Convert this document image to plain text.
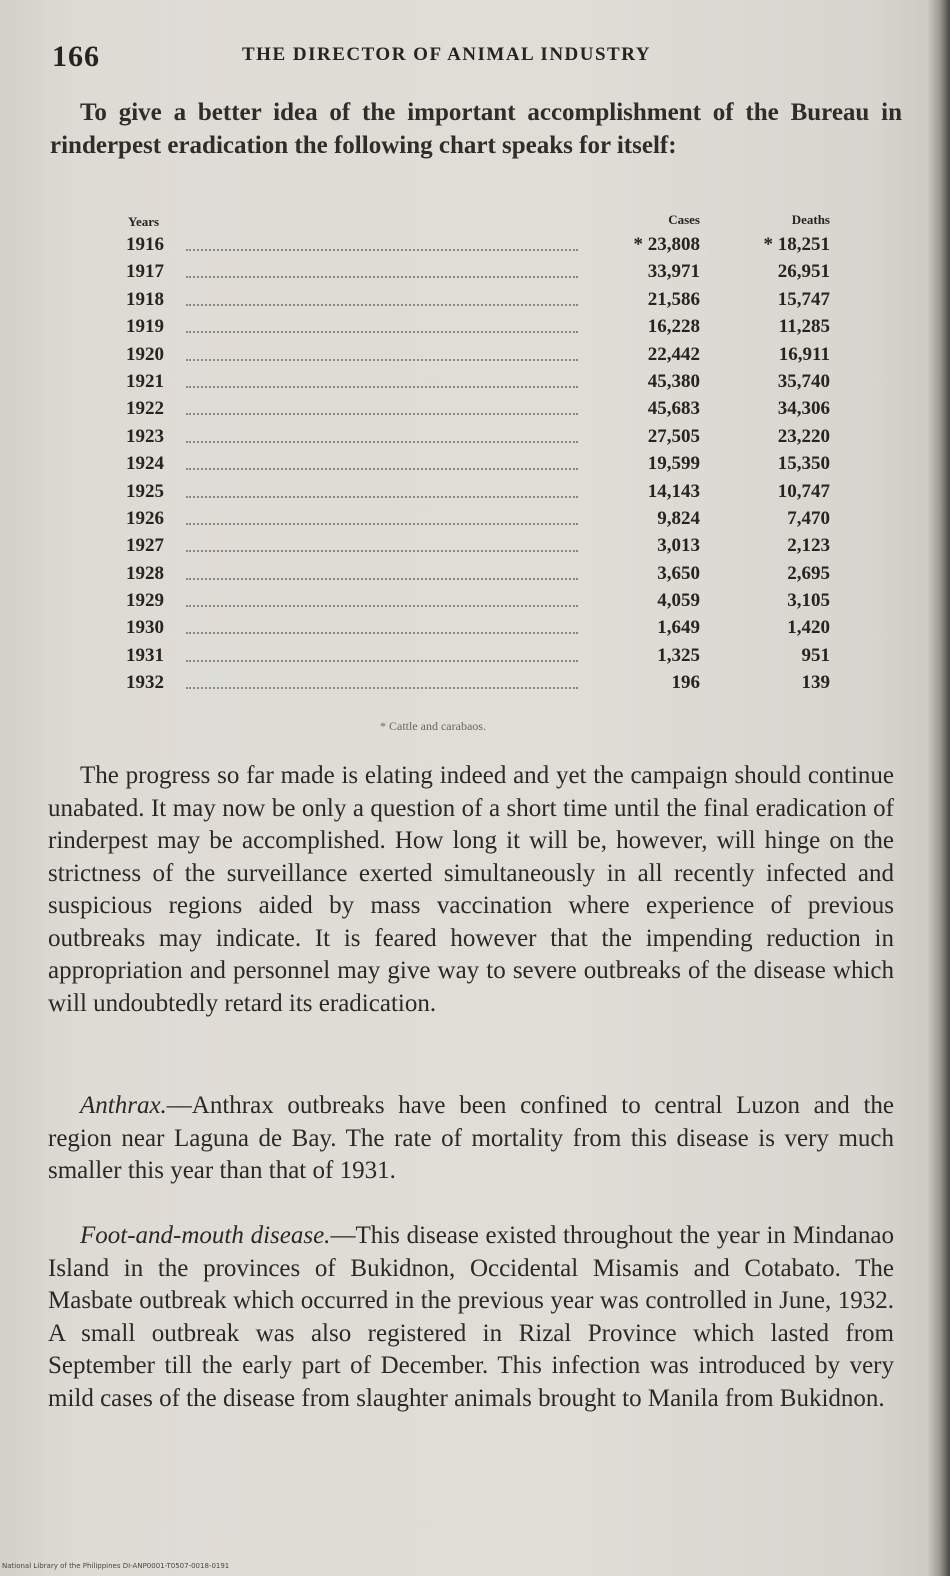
166	THE DIRECTOR OF ANIMAL INDUSTRY

To give a better idea of the important accomplishment of the Bureau in rinderpest eradication the following chart speaks for itself:

Years	Cases	Deaths
1916	* 23,808	* 18,251
1917	33,971	26,951
1918	21,586	15,747
1919	16,228	11,285
1920	22,442	16,911
1921	45,380	35,740
1922	45,683	34,306
1923	27,505	23,220
1924	19,599	15,350
1925	14,143	10,747
1926	9,824	7,470
1927	3,013	2,123
1928	3,650	2,695
1929	4,059	3,105
1930	1,649	1,420
1931	1,325	951
1932	196	139
* Cattle and carabaos.

The progress so far made is elating indeed and yet the campaign should continue unabated. It may now be only a question of a short time until the final eradication of rinderpest may be accomplished. How long it will be, however, will hinge on the strictness of the surveillance exerted simultaneously in all recently infected and suspicious regions aided by mass vaccination where experience of previous outbreaks may indicate. It is feared however that the impending reduction in appropriation and personnel may give way to severe outbreaks of the disease which will undoubtedly retard its eradication.

Anthrax.—Anthrax outbreaks have been confined to central Luzon and the region near Laguna de Bay. The rate of mortality from this disease is very much smaller this year than that of 1931.

Foot-and-mouth disease.—This disease existed throughout the year in Mindanao Island in the provinces of Bukidnon, Occidental Misamis and Cotabato. The Masbate outbreak which occurred in the previous year was controlled in June, 1932. A small outbreak was also registered in Rizal Province which lasted from September till the early part of December. This infection was introduced by very mild cases of the disease from slaughter animals brought to Manila from Bukidnon.

National Library of the Philippines DI-ANP0001-T0507-0018-0191
